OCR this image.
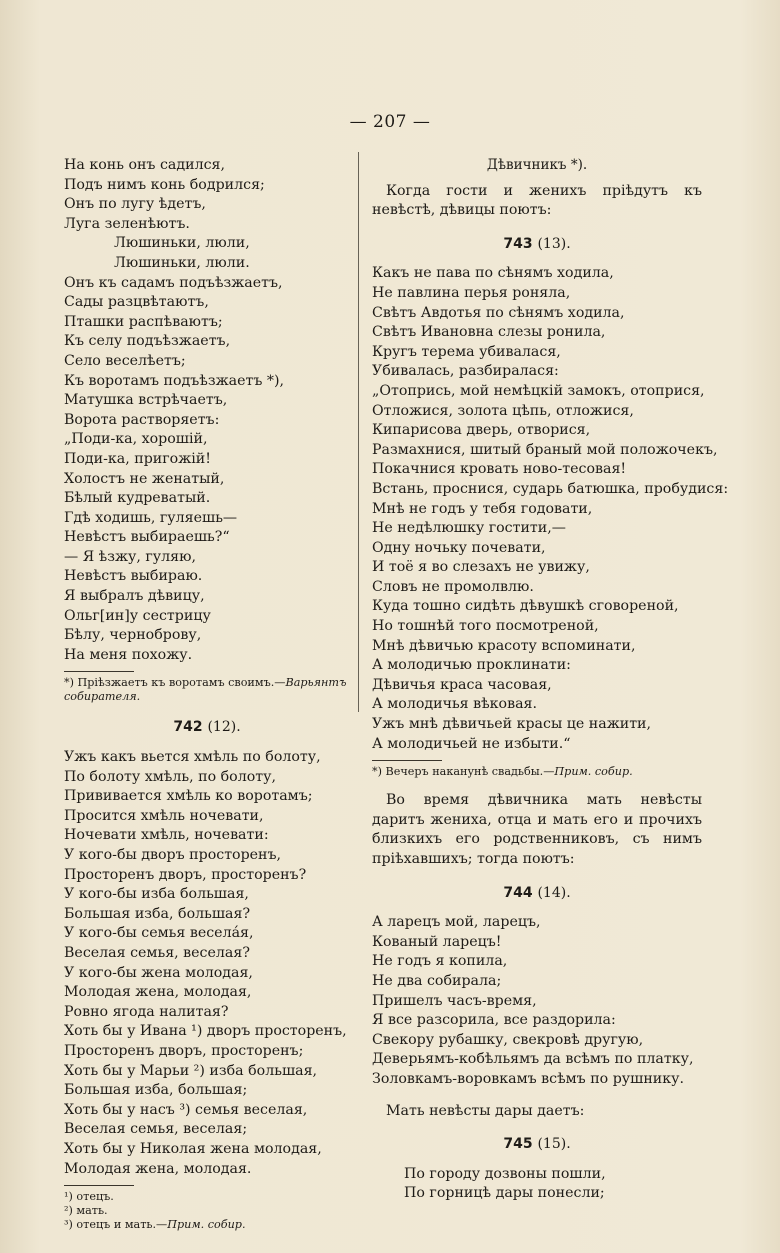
— 207 —
На конь онъ садился,
Подъ нимъ конь бодрился;
Онъ по лугу ѣдетъ,
Луга зеленѣютъ.
Люшиньки, люли,
Люшиньки, люли.
Онъ къ садамъ подъѣзжаетъ,
Сады разцвѣтаютъ,
Пташки распѣваютъ;
Къ селу подъѣзжаетъ,
Село веселѣетъ;
Къ воротамъ подъѣзжаетъ *),
Матушка встрѣчаетъ,
Ворота растворяетъ:
„Поди-ка, хорошій,
Поди-ка, пригожій!
Холостъ не женатый,
Бѣлый кудреватый.
Гдѣ ходишь, гуляешь—
Невѣстъ выбираешь?“
— Я ѣзжу, гуляю,
Невѣстъ выбираю.
Я выбралъ дѣвицу,
Ольг[ин]у сестрицу
Бѣлу, черноброву,
На меня похожу.
*) Пріѣзжаетъ къ воротамъ своимъ.—Варьянтъ собирателя.
742 (12).
Ужъ какъ вьется хмѣль по болоту,
По болоту хмѣль, по болоту,
Прививается хмѣль ко воротамъ;
Просится хмѣль ночевати,
Ночевати хмѣль, ночевати:
У кого-бы дворъ просторенъ,
Просторенъ дворъ, просторенъ?
У кого-бы изба большая,
Большая изба, большая?
У кого-бы семья веселáя,
Веселая семья, веселая?
У кого-бы жена молодая,
Молодая жена, молодая,
Ровно ягода налитая?
Хоть бы у Ивана ¹) дворъ просторенъ,
Просторенъ дворъ, просторенъ;
Хоть бы у Марьи ²) изба большая,
Большая изба, большая;
Хоть бы у насъ ³) семья веселая,
Веселая семья, веселая;
Хоть бы у Николая жена молодая,
Молодая жена, молодая.
¹) отецъ.
²) мать.
³) отецъ и мать.—Прим. собир.
Дѣвичникъ *).
Когда гости и женихъ пріѣдутъ къ невѣстѣ, дѣвицы поютъ:
743 (13).
Какъ не пава по сѣнямъ ходила,
Не павлина перья роняла,
Свѣтъ Авдотья по сѣнямъ ходила,
Свѣтъ Ивановна слезы ронила,
Кругъ терема убивалася,
Убивалась, разбиралася:
„Отопрись, мой немѣцкій замокъ, отоприся,
Отложися, золота цѣпь, отложися,
Кипарисова дверь, отворися,
Размахнися, шитый браный мой положочекъ,
Покачнися кровать ново-тесовая!
Встань, проснися, сударь батюшка, пробудися:
Мнѣ не годъ у тебя годовати,
Не недѣлюшку гостити,—
Одну ночьку почевати,
И тоё я во слезахъ не увижу,
Словъ не промолвлю.
Куда тошно сидѣть дѣвушкѣ сговореной,
Но тошнѣй того посмотреной,
Мнѣ дѣвичью красоту вспоминати,
А молодичью проклинати:
Дѣвичья краса часовая,
А молодичья вѣковая.
Ужъ мнѣ дѣвичьей красы це нажити,
А молодичьей не избыти.“
*) Вечеръ наканунѣ свадьбы.—Прим. собир.
Во время дѣвичника мать невѣсты даритъ жениха, отца и мать его и прочихъ близкихъ его родственниковъ, съ нимъ пріѣхавшихъ; тогда поютъ:
744 (14).
А ларецъ мой, ларецъ,
Кованый ларецъ!
Не годъ я копила,
Не два собирала;
Пришелъ часъ-время,
Я все разсорила, все раздорила:
Свекору рубашку, свекровѣ другую,
Деверьямъ-кобѣльямъ да всѣмъ по платку,
Золовкамъ-воровкамъ всѣмъ по рушнику.
Мать невѣсты дары даетъ:
745 (15).
По городу дозвоны пошли,
По горницѣ дары понесли;
